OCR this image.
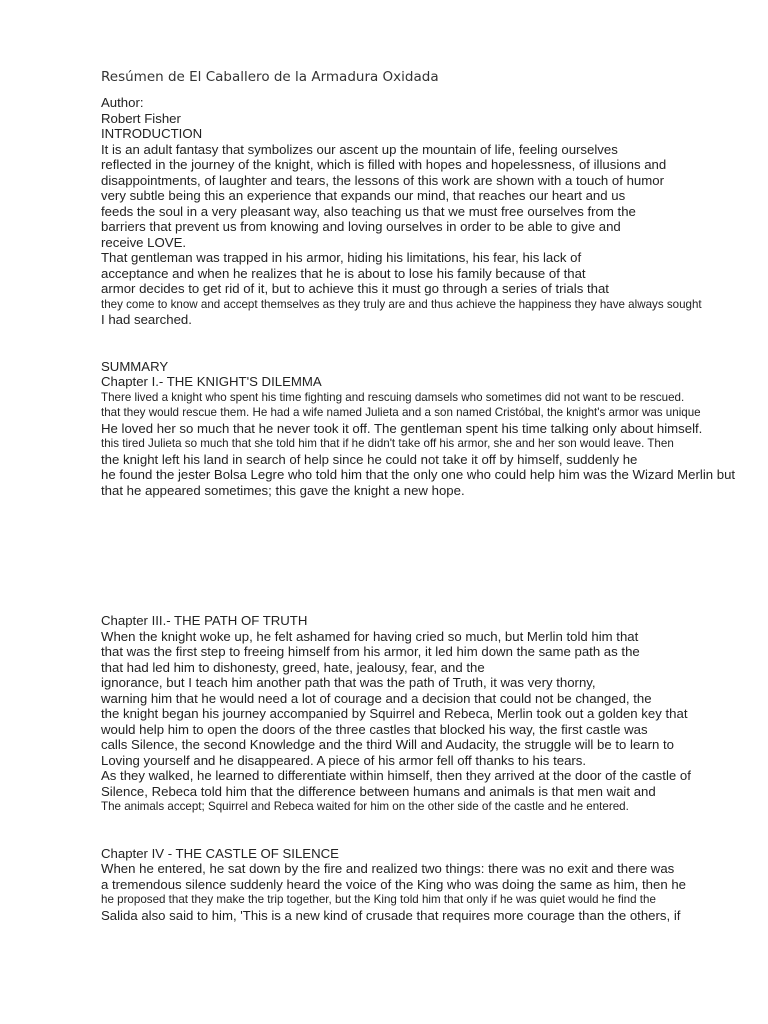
Resúmen de El Caballero de la Armadura Oxidada
Author:
Robert Fisher
INTRODUCTION
It is an adult fantasy that symbolizes our ascent up the mountain of life, feeling ourselves
reflected in the journey of the knight, which is filled with hopes and hopelessness, of illusions and
disappointments, of laughter and tears, the lessons of this work are shown with a touch of humor
very subtle being this an experience that expands our mind, that reaches our heart and us
feeds the soul in a very pleasant way, also teaching us that we must free ourselves from the
barriers that prevent us from knowing and loving ourselves in order to be able to give and
receive LOVE.
That gentleman was trapped in his armor, hiding his limitations, his fear, his lack of
acceptance and when he realizes that he is about to lose his family because of that
armor decides to get rid of it, but to achieve this it must go through a series of trials that
they come to know and accept themselves as they truly are and thus achieve the happiness they have always sought
I had searched.
SUMMARY
Chapter I.- THE KNIGHT'S DILEMMA
There lived a knight who spent his time fighting and rescuing damsels who sometimes did not want to be rescued.
that they would rescue them. He had a wife named Julieta and a son named Cristóbal, the knight's armor was unique
He loved her so much that he never took it off. The gentleman spent his time talking only about himself.
this tired Julieta so much that she told him that if he didn't take off his armor, she and her son would leave. Then
the knight left his land in search of help since he could not take it off by himself, suddenly he
he found the jester Bolsa Legre who told him that the only one who could help him was the Wizard Merlin but
that he appeared sometimes; this gave the knight a new hope.
Chapter III.- THE PATH OF TRUTH
When the knight woke up, he felt ashamed for having cried so much, but Merlin told him that
that was the first step to freeing himself from his armor, it led him down the same path as the
that had led him to dishonesty, greed, hate, jealousy, fear, and the
ignorance, but I teach him another path that was the path of Truth, it was very thorny,
warning him that he would need a lot of courage and a decision that could not be changed, the
the knight began his journey accompanied by Squirrel and Rebeca, Merlin took out a golden key that
would help him to open the doors of the three castles that blocked his way, the first castle was
calls Silence, the second Knowledge and the third Will and Audacity, the struggle will be to learn to
Loving yourself and he disappeared. A piece of his armor fell off thanks to his tears.
As they walked, he learned to differentiate within himself, then they arrived at the door of the castle of
Silence, Rebeca told him that the difference between humans and animals is that men wait and
The animals accept; Squirrel and Rebeca waited for him on the other side of the castle and he entered.
Chapter IV - THE CASTLE OF SILENCE
When he entered, he sat down by the fire and realized two things: there was no exit and there was
a tremendous silence suddenly heard the voice of the King who was doing the same as him, then he
he proposed that they make the trip together, but the King told him that only if he was quiet would he find the
Salida also said to him, 'This is a new kind of crusade that requires more courage than the others, if
